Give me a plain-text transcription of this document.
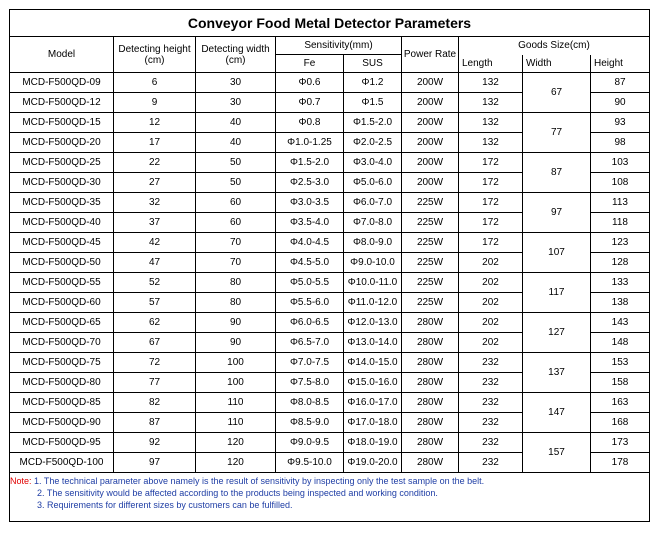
Conveyor Food Metal Detector Parameters								
Model	Detecting height (cm)	Detecting width (cm)	Sensitivity(mm)		Power Rate	Goods Size(cm)		
			Fe	SUS		Length	Width	Height

MCD-F500QD-09	6	30	Φ0.6	Φ1.2	200W	132	67	87
MCD-F500QD-12	9	30	Φ0.7	Φ1.5	200W	132		90
MCD-F500QD-15	12	40	Φ0.8	Φ1.5-2.0	200W	132	77	93
MCD-F500QD-20	17	40	Φ1.0-1.25	Φ2.0-2.5	200W	132		98
MCD-F500QD-25	22	50	Φ1.5-2.0	Φ3.0-4.0	200W	172	87	103
MCD-F500QD-30	27	50	Φ2.5-3.0	Φ5.0-6.0	200W	172		108
MCD-F500QD-35	32	60	Φ3.0-3.5	Φ6.0-7.0	225W	172	97	113
MCD-F500QD-40	37	60	Φ3.5-4.0	Φ7.0-8.0	225W	172		118
MCD-F500QD-45	42	70	Φ4.0-4.5	Φ8.0-9.0	225W	172	107	123
MCD-F500QD-50	47	70	Φ4.5-5.0	Φ9.0-10.0	225W	202		128
MCD-F500QD-55	52	80	Φ5.0-5.5	Φ10.0-11.0	225W	202	117	133
MCD-F500QD-60	57	80	Φ5.5-6.0	Φ11.0-12.0	225W	202		138
MCD-F500QD-65	62	90	Φ6.0-6.5	Φ12.0-13.0	280W	202	127	143
MCD-F500QD-70	67	90	Φ6.5-7.0	Φ13.0-14.0	280W	202		148
MCD-F500QD-75	72	100	Φ7.0-7.5	Φ14.0-15.0	280W	232	137	153
MCD-F500QD-80	77	100	Φ7.5-8.0	Φ15.0-16.0	280W	232		158
MCD-F500QD-85	82	110	Φ8.0-8.5	Φ16.0-17.0	280W	232	147	163
MCD-F500QD-90	87	110	Φ8.5-9.0	Φ17.0-18.0	280W	232		168
MCD-F500QD-95	92	120	Φ9.0-9.5	Φ18.0-19.0	280W	232	157	173
MCD-F500QD-100	97	120	Φ9.5-10.0	Φ19.0-20.0	280W	232		178

Note: 1. The technical parameter above namely is the result of sensitivity by inspecting only the test sample on the belt.
2. The sensitivity would be affected according to the products being inspected and working condition.
3. Requirements for different sizes by customers can be fulfilled.								
